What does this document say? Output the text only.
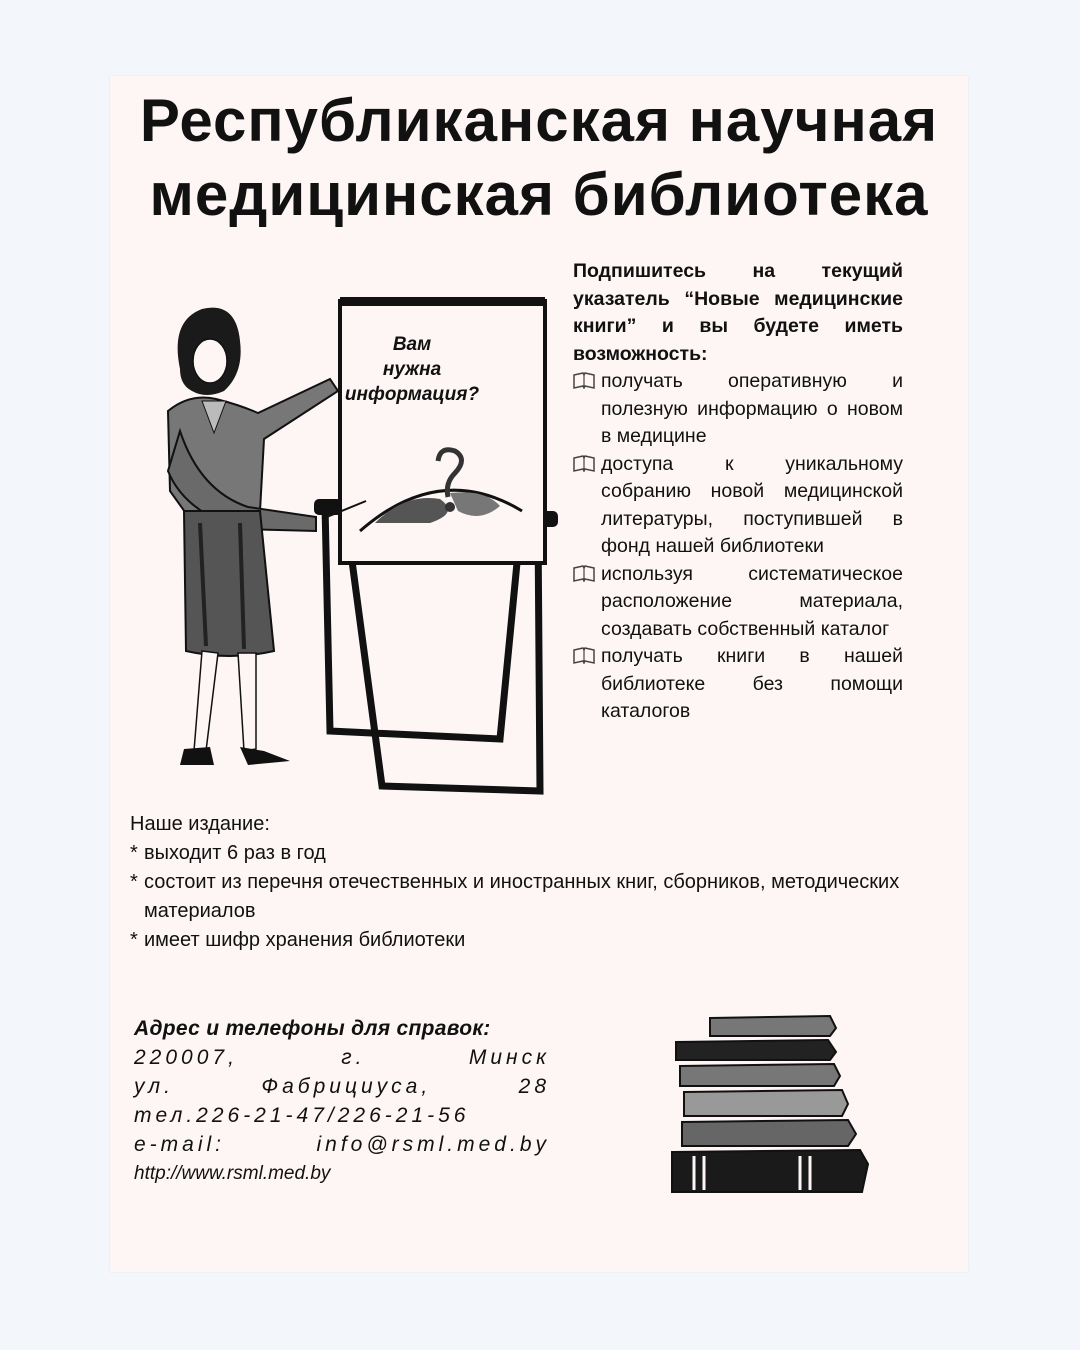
Республиканская научная
медицинская библиотека
Вам
нужна
информация?

Подпишитесь на текущий указатель “Новые медицинские книги” и вы будете иметь возможность:

получать оперативную и полезную информацию о новом в медицине
доступа к уникальному собранию новой медицинской литературы, поступившей в фонд нашей библиотеки
используя систематическое расположение материала, создавать собственный каталог
получать книги в нашей библиотеке без помощи каталогов

Наше издание:

* выходит 6 раз в год
* состоит из перечня отечественных и иностранных книг, сборников, методических материалов
* имеет шифр хранения библиотеки

Адрес и телефоны для справок:

220007, г. Минск

ул. Фабрициуса, 28

тел.226-21-47/226-21-56

e-mail: info@rsml.med.by

http://www.rsml.med.by
